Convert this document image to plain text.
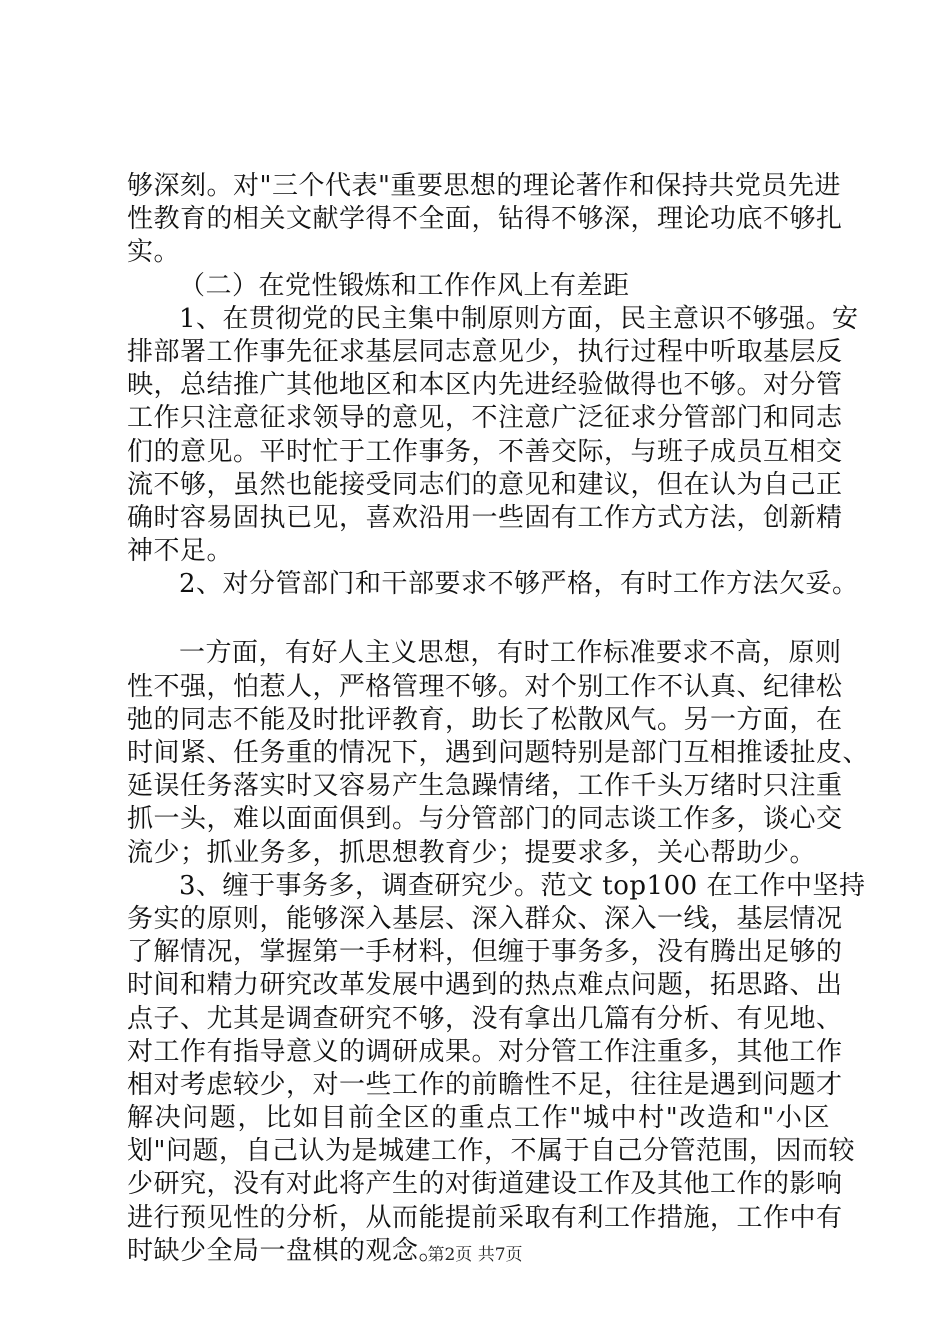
够深刻。对"三个代表"重要思想的理论著作和保持共党员先进
性教育的相关文献学得不全面，钻得不够深，理论功底不够扎
实。
（二）在党性锻炼和工作作风上有差距
1、在贯彻党的民主集中制原则方面，民主意识不够强。安
排部署工作事先征求基层同志意见少，执行过程中听取基层反
映，总结推广其他地区和本区内先进经验做得也不够。对分管
工作只注意征求领导的意见，不注意广泛征求分管部门和同志
们的意见。平时忙于工作事务，不善交际，与班子成员互相交
流不够，虽然也能接受同志们的意见和建议，但在认为自己正
确时容易固执已见，喜欢沿用一些固有工作方式方法，创新精
神不足。
2、对分管部门和干部要求不够严格，有时工作方法欠妥。
一方面，有好人主义思想，有时工作标准要求不高，原则
性不强，怕惹人，严格管理不够。对个别工作不认真、纪律松
弛的同志不能及时批评教育，助长了松散风气。另一方面，在
时间紧、任务重的情况下，遇到问题特别是部门互相推诿扯皮、
延误任务落实时又容易产生急躁情绪，工作千头万绪时只注重
抓一头，难以面面俱到。与分管部门的同志谈工作多，谈心交
流少；抓业务多，抓思想教育少；提要求多，关心帮助少。
3、缠于事务多，调查研究少。范文 top100 在工作中坚持
务实的原则，能够深入基层、深入群众、深入一线，基层情况
了解情况，掌握第一手材料，但缠于事务多，没有腾出足够的
时间和精力研究改革发展中遇到的热点难点问题，拓思路、出
点子、尤其是调查研究不够，没有拿出几篇有分析、有见地、
对工作有指导意义的调研成果。对分管工作注重多，其他工作
相对考虑较少，对一些工作的前瞻性不足，往往是遇到问题才
解决问题，比如目前全区的重点工作"城中村"改造和"小区
划"问题，自己认为是城建工作，不属于自己分管范围，因而较
少研究，没有对此将产生的对街道建设工作及其他工作的影响
进行预见性的分析，从而能提前采取有利工作措施，工作中有
时缺少全局一盘棋的观念。
第2页 共7页
